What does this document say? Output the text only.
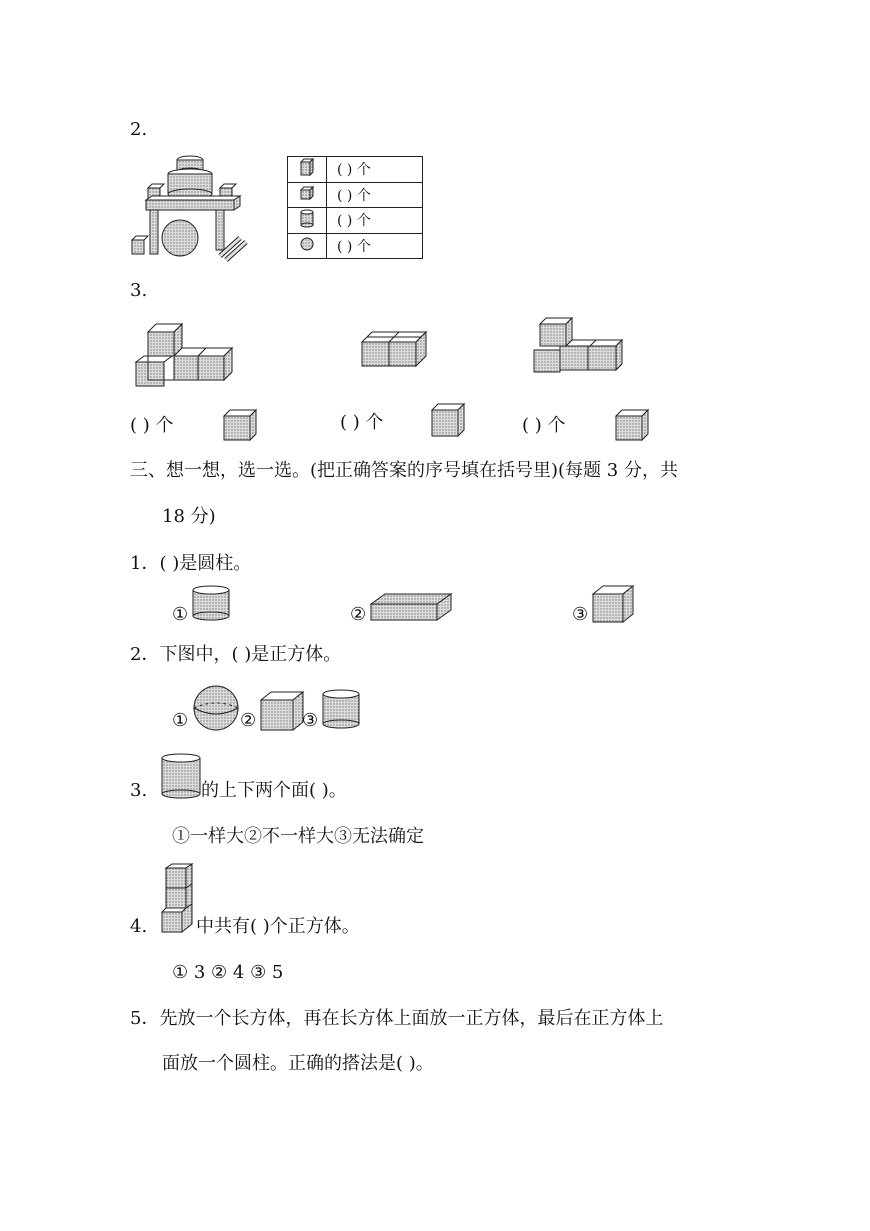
2.
	( ) 个
	( ) 个
	( ) 个
	( ) 个
3.
( ) 个	( ) 个	( ) 个
三、想一想，选一选。(把正确答案的序号填在括号里)(每题 3 分，共
18 分)
1．( )是圆柱。
①	②	③
2．下图中，( )是正方体。
①	②	③
3.	的上下两个面( )。
①一样大②不一样大③无法确定
4.	中共有( )个正方体。
① 3 ② 4 ③ 5
5．先放一个长方体，再在长方体上面放一正方体，最后在正方体上
面放一个圆柱。正确的搭法是( )。
